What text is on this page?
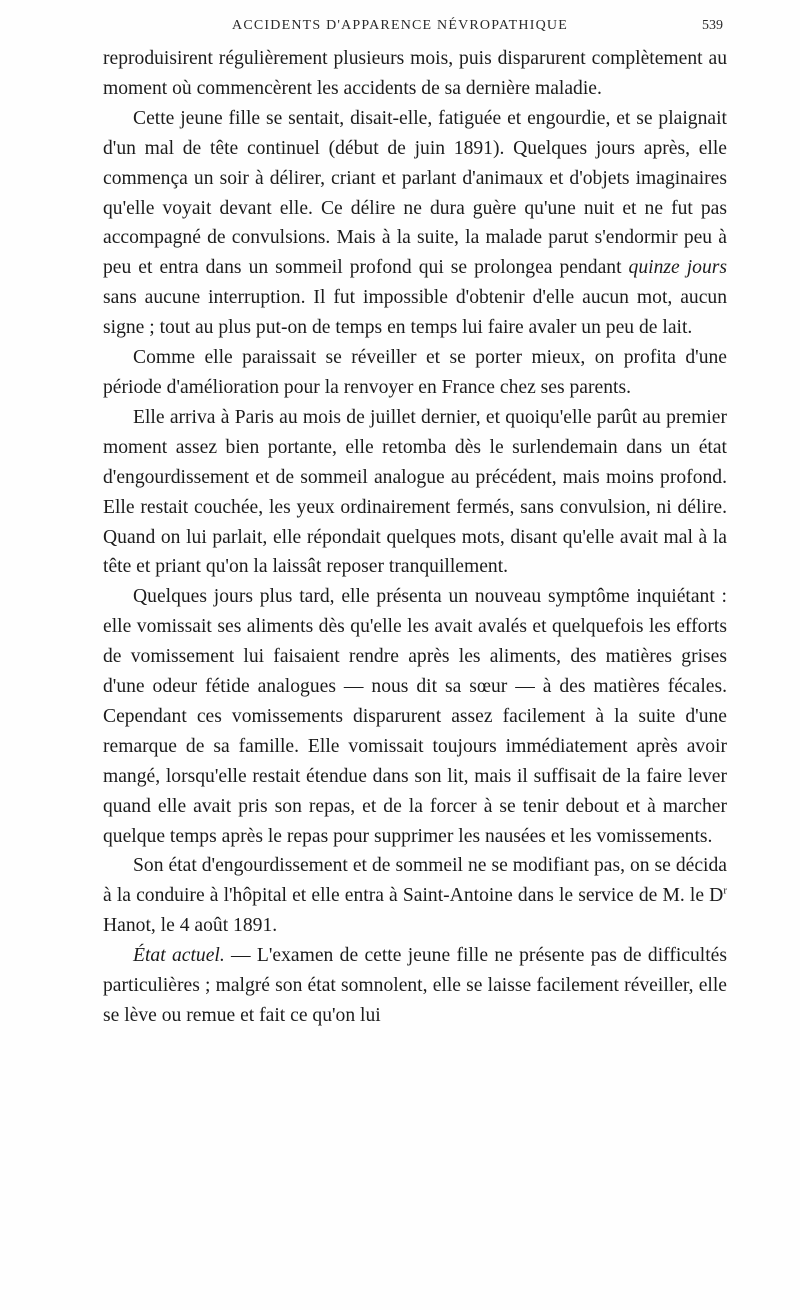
ACCIDENTS D'APPARENCE NÉVROPATHIQUE	539

reproduisirent régulièrement plusieurs mois, puis disparurent complètement au moment où commencèrent les accidents de sa dernière maladie.

Cette jeune fille se sentait, disait-elle, fatiguée et engourdie, et se plaignait d'un mal de tête continuel (début de juin 1891). Quelques jours après, elle commença un soir à délirer, criant et parlant d'animaux et d'objets imaginaires qu'elle voyait devant elle. Ce délire ne dura guère qu'une nuit et ne fut pas accompagné de convulsions. Mais à la suite, la malade parut s'endormir peu à peu et entra dans un sommeil profond qui se prolongea pendant quinze jours sans aucune interruption. Il fut impossible d'obtenir d'elle aucun mot, aucun signe ; tout au plus put-on de temps en temps lui faire avaler un peu de lait.

Comme elle paraissait se réveiller et se porter mieux, on profita d'une période d'amélioration pour la renvoyer en France chez ses parents.

Elle arriva à Paris au mois de juillet dernier, et quoiqu'elle parût au premier moment assez bien portante, elle retomba dès le surlendemain dans un état d'engourdissement et de sommeil analogue au précédent, mais moins profond. Elle restait couchée, les yeux ordinairement fermés, sans convulsion, ni délire. Quand on lui parlait, elle répondait quelques mots, disant qu'elle avait mal à la tête et priant qu'on la laissât reposer tranquillement.

Quelques jours plus tard, elle présenta un nouveau symptôme inquiétant : elle vomissait ses aliments dès qu'elle les avait avalés et quelquefois les efforts de vomissement lui faisaient rendre après les aliments, des matières grises d'une odeur fétide analogues — nous dit sa sœur — à des matières fécales. Cependant ces vomissements disparurent assez facilement à la suite d'une remarque de sa famille. Elle vomissait toujours immédiatement après avoir mangé, lorsqu'elle restait étendue dans son lit, mais il suffisait de la faire lever quand elle avait pris son repas, et de la forcer à se tenir debout et à marcher quelque temps après le repas pour supprimer les nausées et les vomissements.

Son état d'engourdissement et de sommeil ne se modifiant pas, on se décida à la conduire à l'hôpital et elle entra à Saint-Antoine dans le service de M. le $D^r$ Hanot, le 4 août 1891.

État actuel. — L'examen de cette jeune fille ne présente pas de difficultés particulières ; malgré son état somnolent, elle se laisse facilement réveiller, elle se lève ou remue et fait ce qu'on lui
